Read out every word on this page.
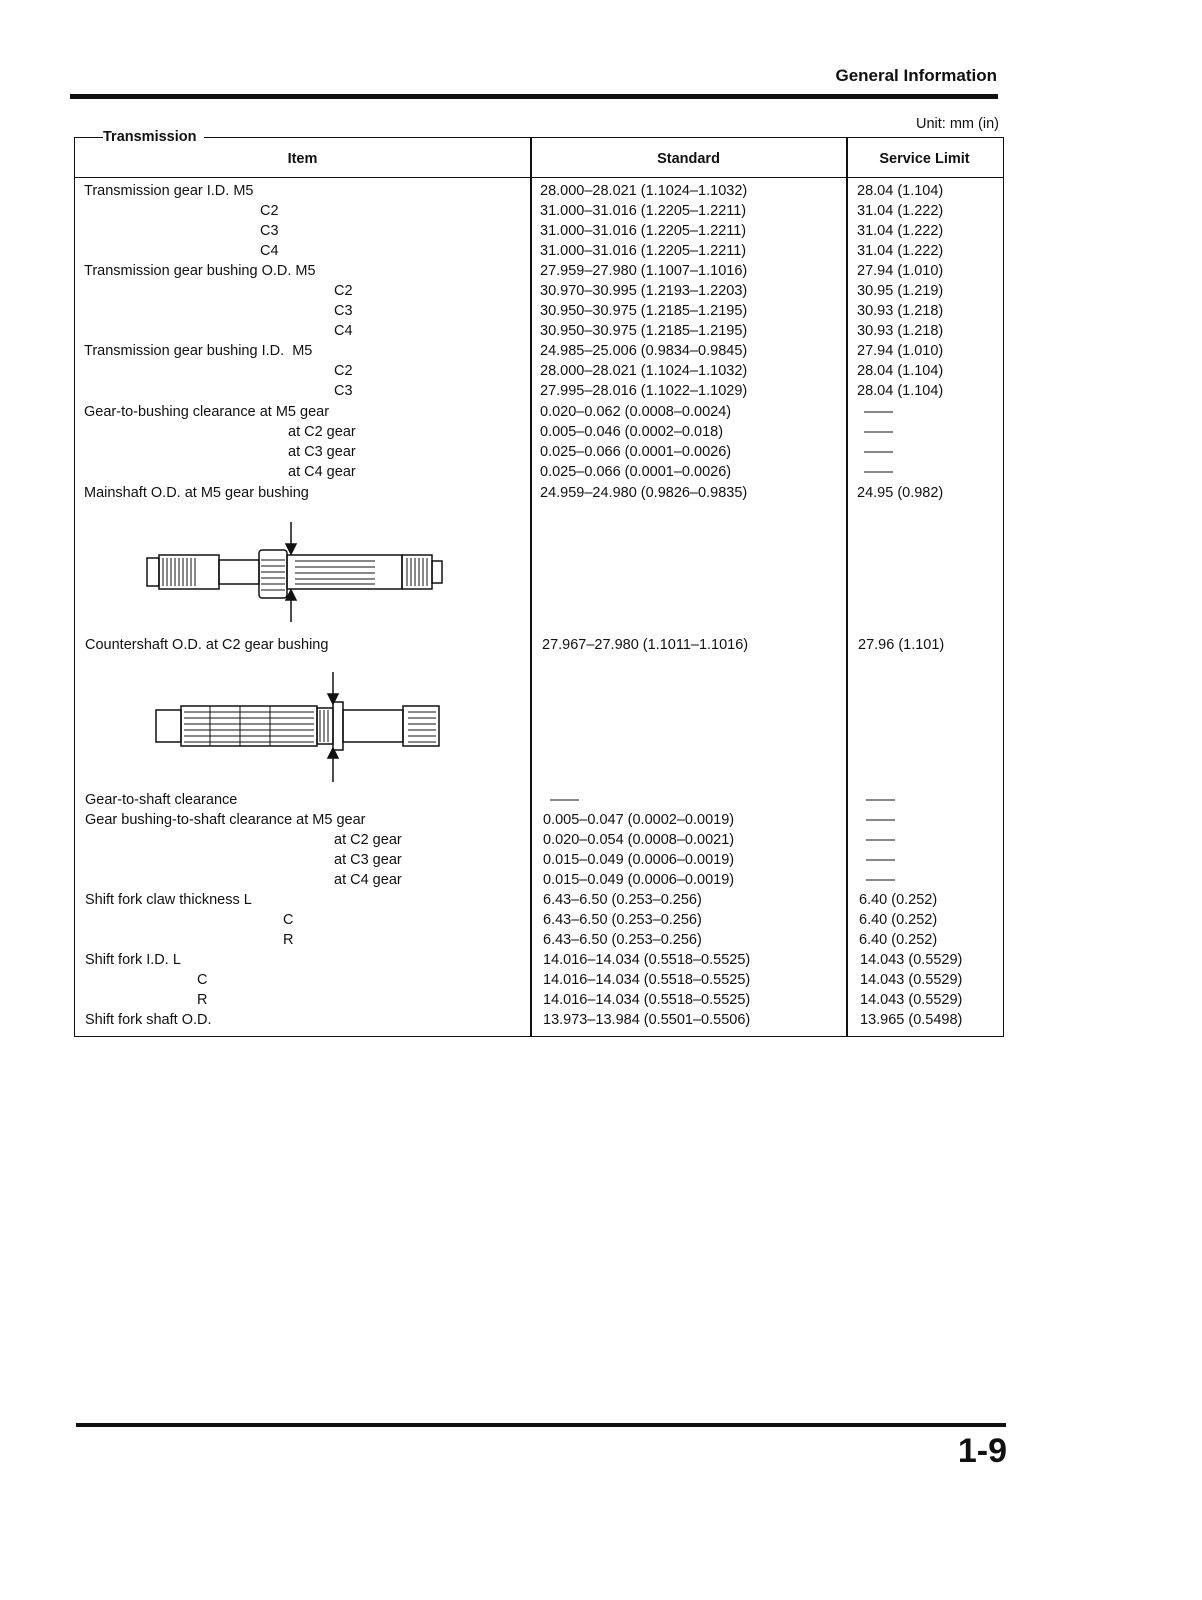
General Information
Unit: mm (in)
Transmission
Item	Standard	Service Limit
Transmission gear I.D. M5	28.000–28.021 (1.1024–1.1032)	28.04 (1.104)
C2	31.000–31.016 (1.2205–1.2211)	31.04 (1.222)
C3	31.000–31.016 (1.2205–1.2211)	31.04 (1.222)
C4	31.000–31.016 (1.2205–1.2211)	31.04 (1.222)
Transmission gear bushing O.D. M5	27.959–27.980 (1.1007–1.1016)	27.94 (1.010)
C2	30.970–30.995 (1.2193–1.2203)	30.95 (1.219)
C3	30.950–30.975 (1.2185–1.2195)	30.93 (1.218)
C4	30.950–30.975 (1.2185–1.2195)	30.93 (1.218)
Transmission gear bushing I.D.  M5	24.985–25.006 (0.9834–0.9845)	27.94 (1.010)
C2	28.000–28.021 (1.1024–1.1032)	28.04 (1.104)
C3	27.995–28.016 (1.1022–1.1029)	28.04 (1.104)
Gear-to-bushing clearance at M5 gear	0.020–0.062 (0.0008–0.0024)	——
at C2 gear	0.005–0.046 (0.0002–0.018)	——
at C3 gear	0.025–0.066 (0.0001–0.0026)	——
at C4 gear	0.025–0.066 (0.0001–0.0026)	——
Mainshaft O.D. at M5 gear bushing	24.959–24.980 (0.9826–0.9835)	24.95 (0.982)
Countershaft O.D. at C2 gear bushing	27.967–27.980 (1.1011–1.1016)	27.96 (1.101)
Gear-to-shaft clearance	——	——
Gear bushing-to-shaft clearance at M5 gear	0.005–0.047 (0.0002–0.0019)	——
at C2 gear	0.020–0.054 (0.0008–0.0021)	——
at C3 gear	0.015–0.049 (0.0006–0.0019)	——
at C4 gear	0.015–0.049 (0.0006–0.0019)	——
Shift fork claw thickness L	6.43–6.50 (0.253–0.256)	6.40 (0.252)
C	6.43–6.50 (0.253–0.256)	6.40 (0.252)
R	6.43–6.50 (0.253–0.256)	6.40 (0.252)
Shift fork I.D. L	14.016–14.034 (0.5518–0.5525)	14.043 (0.5529)
C	14.016–14.034 (0.5518–0.5525)	14.043 (0.5529)
R	14.016–14.034 (0.5518–0.5525)	14.043 (0.5529)
Shift fork shaft O.D.	13.973–13.984 (0.5501–0.5506)	13.965 (0.5498)
1-9
